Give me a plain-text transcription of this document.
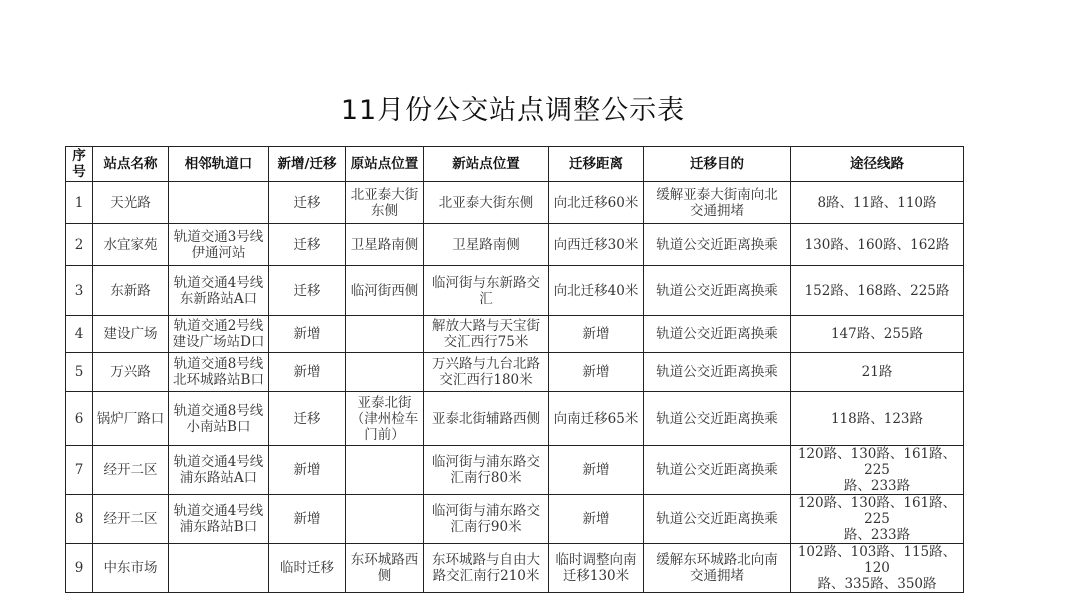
11月份公交站点调整公示表
序
号	站点名称	相邻轨道口	新增/迁移	原站点位置	新站点位置	迁移距离	迁移目的	途径线路
1	天光路		迁移	北亚泰大街
东侧	北亚泰大街东侧	向北迁移60米	缓解亚泰大街南向北
交通拥堵	8路、11路、110路
2	水宜家苑	轨道交通3号线
伊通河站	迁移	卫星路南侧	卫星路南侧	向西迁移30米	轨道公交近距离换乘	130路、160路、162路
3	东新路	轨道交通4号线
东新路站A口	迁移	临河街西侧	临河街与东新路交
汇	向北迁移40米	轨道公交近距离换乘	152路、168路、225路
4	建设广场	轨道交通2号线
建设广场站D口	新增		解放大路与天宝街
交汇西行75米	新增	轨道公交近距离换乘	147路、255路
5	万兴路	轨道交通8号线
北环城路站B口	新增		万兴路与九台北路
交汇西行180米	新增	轨道公交近距离换乘	21路
6	锅炉厂路口	轨道交通8号线
小南站B口	迁移	亚泰北街
（津州检车
门前）	亚泰北街辅路西侧	向南迁移65米	轨道公交近距离换乘	118路、123路
7	经开二区	轨道交通4号线
浦东路站A口	新增		临河街与浦东路交
汇南行80米	新增	轨道公交近距离换乘	120路、130路、161路、225
路、233路
8	经开二区	轨道交通4号线
浦东路站B口	新增		临河街与浦东路交
汇南行90米	新增	轨道公交近距离换乘	120路、130路、161路、225
路、233路
9	中东市场		临时迁移	东环城路西
侧	东环城路与自由大
路交汇南行210米	临时调整向南
迁移130米	缓解东环城路北向南
交通拥堵	102路、103路、115路、120
路、335路、350路
